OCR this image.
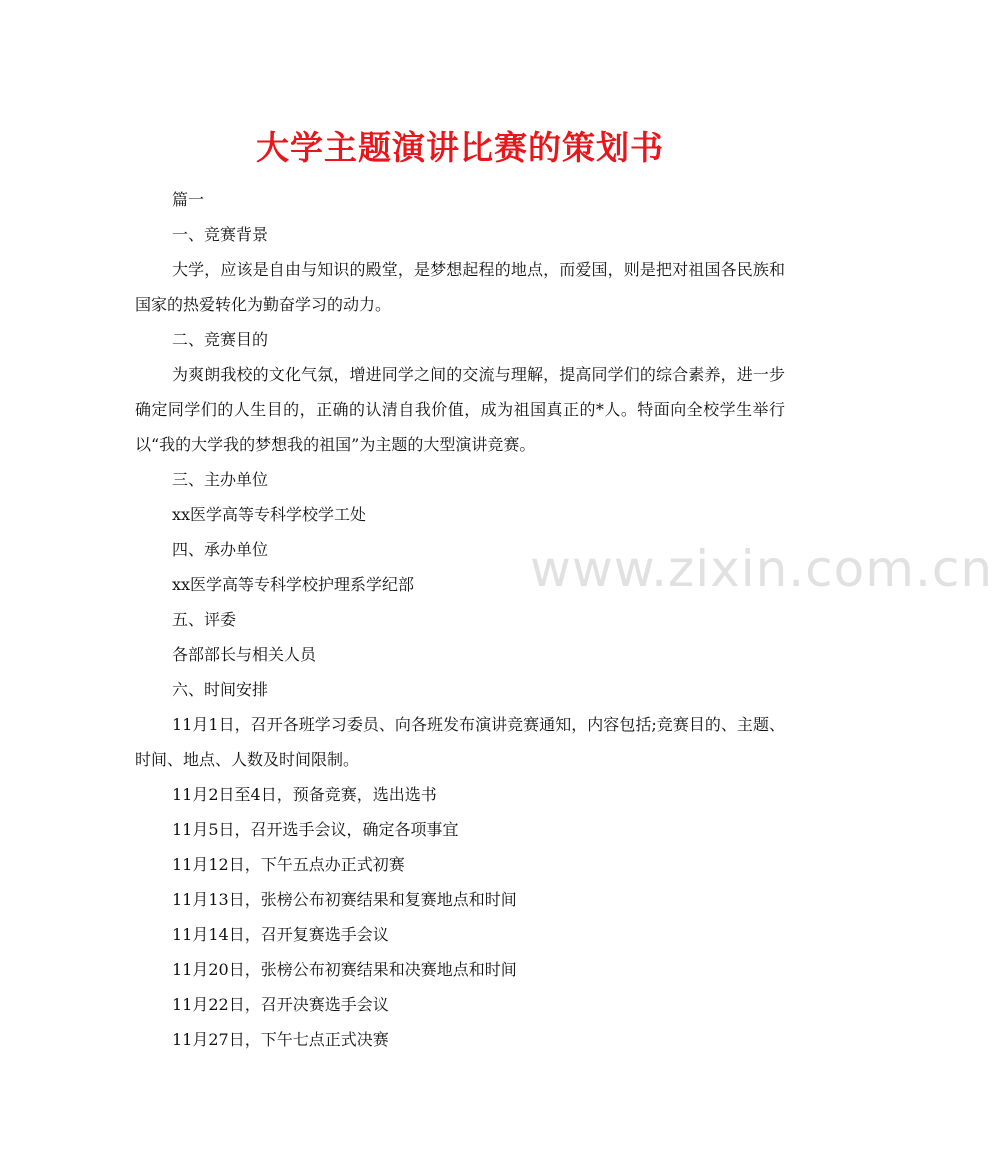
大学主题演讲比赛的策划书

篇一

一、竞赛背景

大学，应该是自由与知识的殿堂，是梦想起程的地点，而爱国，则是把对祖国各民族和国家的热爱转化为勤奋学习的动力。

二、竞赛目的

为爽朗我校的文化气氛，增进同学之间的交流与理解，提高同学们的综合素养，进一步确定同学们的人生目的，正确的认清自我价值，成为祖国真正的*人。特面向全校学生举行以“我的大学我的梦想我的祖国”为主题的大型演讲竞赛。

三、主办单位

xx医学高等专科学校学工处

四、承办单位

xx医学高等专科学校护理系学纪部

五、评委

各部部长与相关人员

六、时间安排

11月1日，召开各班学习委员、向各班发布演讲竞赛通知，内容包括;竞赛目的、主题、时间、地点、人数及时间限制。

11月2日至4日，预备竞赛，选出选书

11月5日，召开选手会议，确定各项事宜

11月12日，下午五点办正式初赛

11月13日，张榜公布初赛结果和复赛地点和时间

11月14日，召开复赛选手会议

11月20日，张榜公布初赛结果和决赛地点和时间

11月22日，召开决赛选手会议

11月27日，下午七点正式决赛

www.zixin.com.cn
